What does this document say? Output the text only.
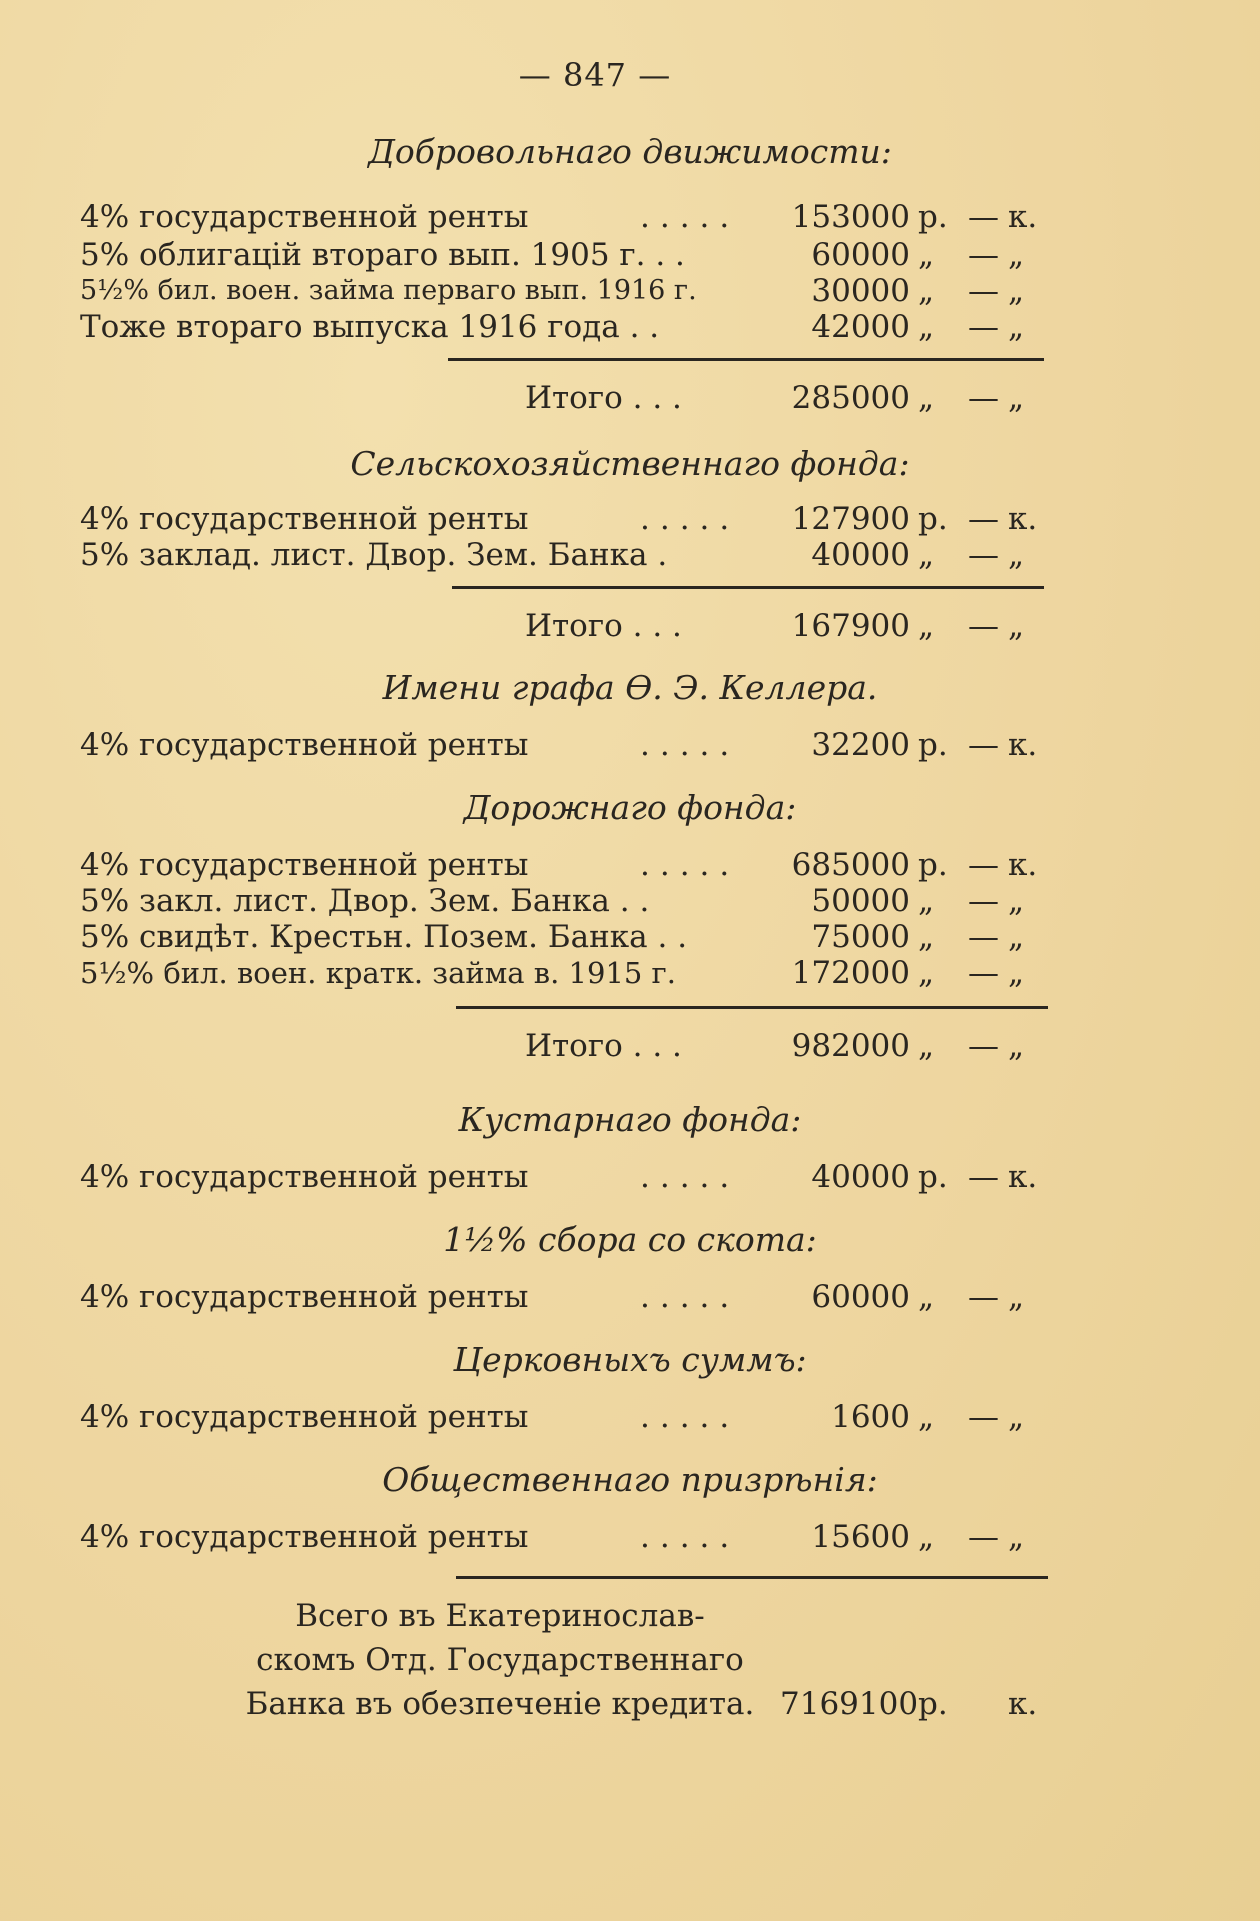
— 847 —
Добровольнаго движимости:
4% государственной ренты	..... 153000 р. — к.
5% облигацій втораго вып. 1905 г. . .	60000 „ — „
5½% бил. воен. займа перваго вып. 1916 г.	30000 „ — „
Тоже втораго выпуска 1916 года . .	42000 „ — „
Итого . . .	285000 „ — „
Сельскохозяйственнаго фонда:
4% государственной ренты	..... 127900 р. — к.
5% заклад. лист. Двор. Зем. Банка .	40000 „ — „
Итого . . .	167900 „ — „
Имени графа Ѳ. Э. Келлера.
4% государственной ренты	..... 32200 р. — к.
Дорожнаго фонда:
4% государственной ренты	..... 685000 р. — к.
5% закл. лист. Двор. Зем. Банка . .	50000 „ — „
5% свидѣт. Крестьн. Позем. Банка . .	75000 „ — „
5½% бил. воен. кратк. займа в. 1915 г.	172000 „ — „
Итого . . .	982000 „ — „
Кустарнаго фонда:
4% государственной ренты	..... 40000 р. — к.
1½% сбора со скота:
4% государственной ренты	..... 60000 „ — „
Церковныхъ суммъ:
4% государственной ренты	.....	1600 „ — „
Общественнаго призрѣнія:
4% государственной ренты	..... 15600 „ — „
Всего въ Екатеринослав-
скомъ Отд. Государственнаго
Банка въ обезпеченіе кредита. 7169100 р. к.
